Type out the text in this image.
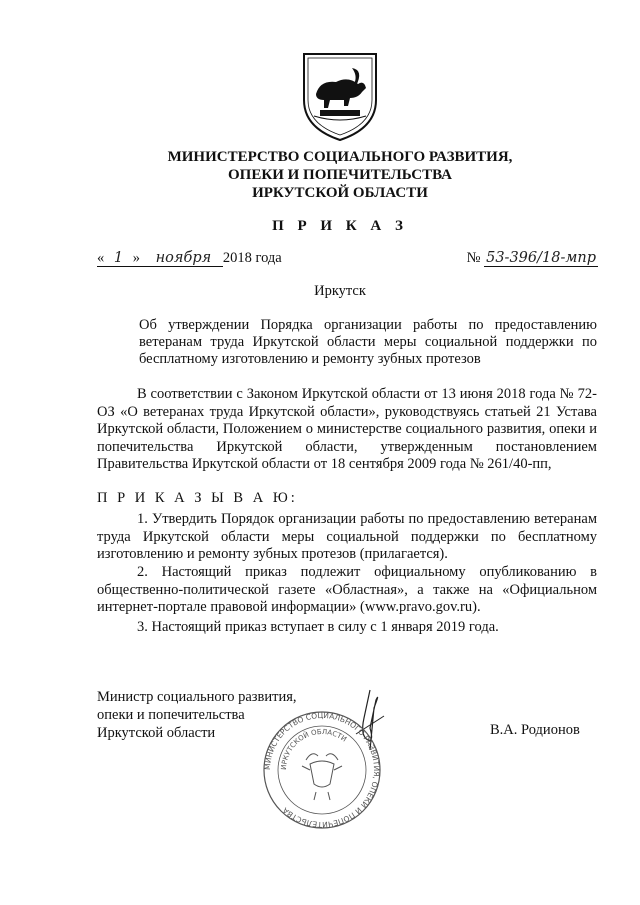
МИНИСТЕРСТВО СОЦИАЛЬНОГО РАЗВИТИЯ,
ОПЕКИ И ПОПЕЧИТЕЛЬСТВА
ИРКУТСКОЙ ОБЛАСТИ
П Р И К А З
« 1 » ноября 2018 года	№ 53-396/18-мпр
Иркутск
Об утверждении Порядка организации работы по предоставлению ветеранам труда Иркутской области меры социальной поддержки по бесплатному изготовлению и ремонту зубных протезов
В соответствии с Законом Иркутской области от 13 июня 2018 года № 72-ОЗ «О ветеранах труда Иркутской области», руководствуясь статьей 21 Устава Иркутской области, Положением о министерстве социального развития, опеки и попечительства Иркутской области, утвержденным постановлением Правительства Иркутской области от 18 сентября 2009 года № 261/40-пп,
П Р И К А З Ы В А Ю:
1. Утвердить Порядок организации работы по предоставлению ветеранам труда Иркутской области меры социальной поддержки по бесплатному изготовлению и ремонту зубных протезов (прилагается).
2. Настоящий приказ подлежит официальному опубликованию в общественно-политической газете «Областная», а также на «Официальном интернет-портале правовой информации» (www.pravo.gov.ru).
3. Настоящий приказ вступает в силу с 1 января 2019 года.
Министр социального развития,
опеки и попечительства
Иркутской области	В.А. Родионов
МИНИСТЕРСТВО СОЦИАЛЬНОГО РАЗВИТИЯ, ОПЕКИ И ПОПЕЧИТЕЛЬСТВА
ИРКУТСКОЙ ОБЛАСТИ
